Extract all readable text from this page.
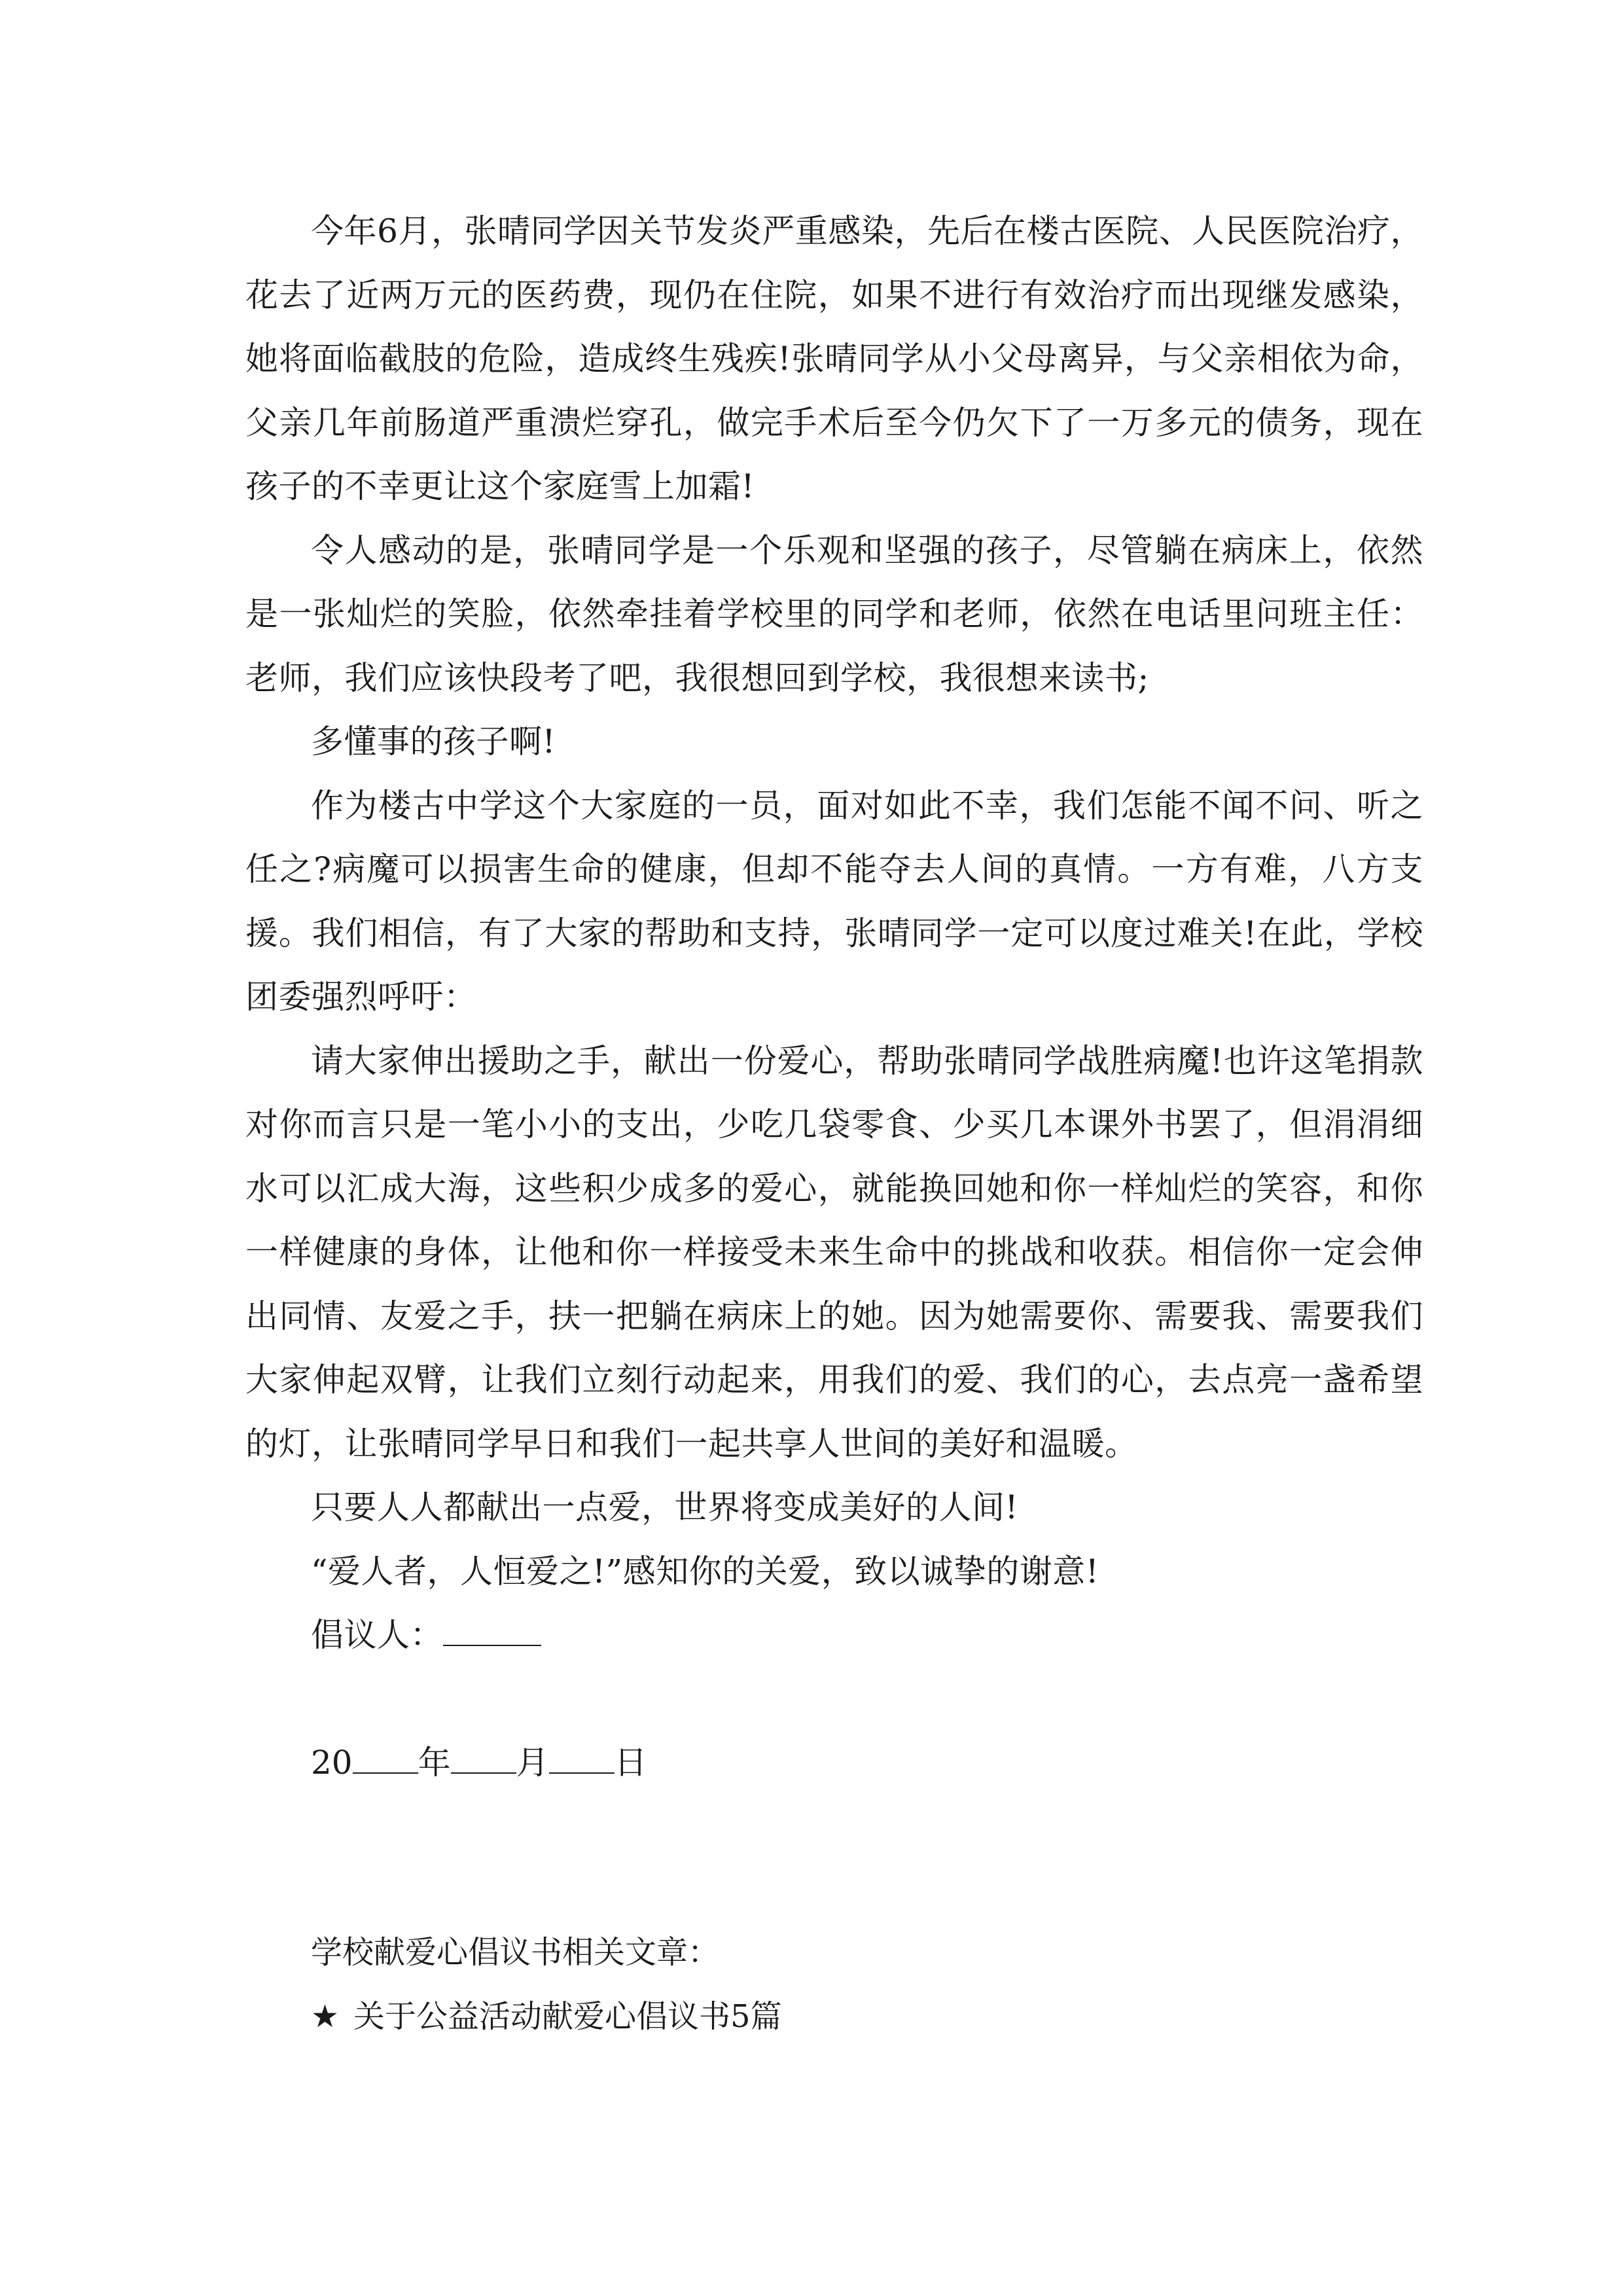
今年6月，张晴同学因关节发炎严重感染，先后在楼古医院、人民医院治疗，花去了近两万元的医药费，现仍在住院，如果不进行有效治疗而出现继发感染，她将面临截肢的危险，造成终生残疾!张晴同学从小父母离异，与父亲相依为命，父亲几年前肠道严重溃烂穿孔，做完手术后至今仍欠下了一万多元的债务，现在孩子的不幸更让这个家庭雪上加霜!

令人感动的是，张晴同学是一个乐观和坚强的孩子，尽管躺在病床上，依然是一张灿烂的笑脸，依然牵挂着学校里的同学和老师，依然在电话里问班主任：老师，我们应该快段考了吧，我很想回到学校，我很想来读书;

多懂事的孩子啊!

作为楼古中学这个大家庭的一员，面对如此不幸，我们怎能不闻不问、听之任之?病魔可以损害生命的健康，但却不能夺去人间的真情。一方有难，八方支援。我们相信，有了大家的帮助和支持，张晴同学一定可以度过难关!在此，学校团委强烈呼吁：

请大家伸出援助之手，献出一份爱心，帮助张晴同学战胜病魔!也许这笔捐款对你而言只是一笔小小的支出，少吃几袋零食、少买几本课外书罢了，但涓涓细水可以汇成大海，这些积少成多的爱心，就能换回她和你一样灿烂的笑容，和你一样健康的身体，让他和你一样接受未来生命中的挑战和收获。相信你一定会伸出同情、友爱之手，扶一把躺在病床上的她。因为她需要你、需要我、需要我们大家伸起双臂，让我们立刻行动起来，用我们的爱、我们的心，去点亮一盏希望的灯，让张晴同学早日和我们一起共享人世间的美好和温暖。

只要人人都献出一点爱，世界将变成美好的人间!

“爱人者，人恒爱之!”感知你的关爱，致以诚挚的谢意!

倡议人：

20 年 月 日

学校献爱心倡议书相关文章：

★ 关于公益活动献爱心倡议书5篇
